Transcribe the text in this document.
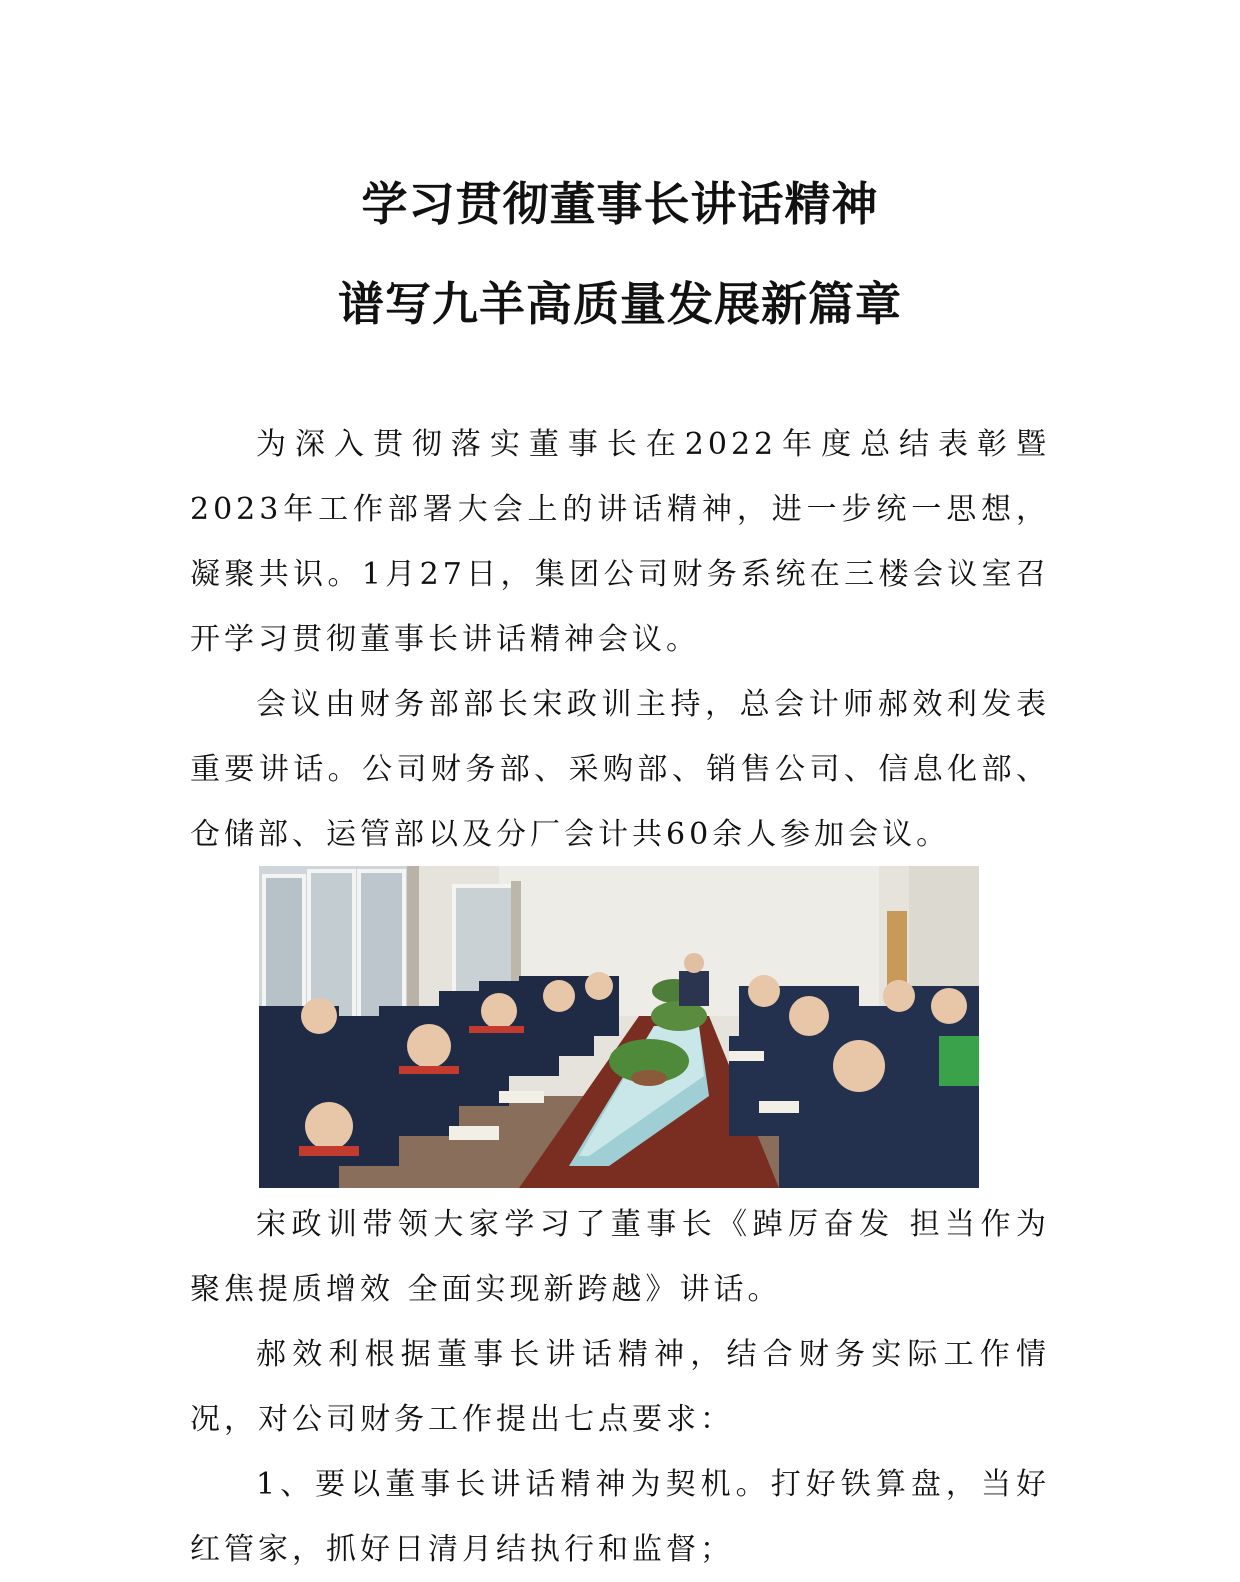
学习贯彻董事长讲话精神
谱写九羊高质量发展新篇章
为深入贯彻落实董事长在2022年度总结表彰暨2023年工作部署大会上的讲话精神，进一步统一思想，凝聚共识。1月27日，集团公司财务系统在三楼会议室召开学习贯彻董事长讲话精神会议。
会议由财务部部长宋政训主持，总会计师郝效利发表重要讲话。公司财务部、采购部、销售公司、信息化部、仓储部、运管部以及分厂会计共60余人参加会议。
宋政训带领大家学习了董事长《踔厉奋发 担当作为 聚焦提质增效 全面实现新跨越》讲话。
郝效利根据董事长讲话精神，结合财务实际工作情况，对公司财务工作提出七点要求：
1、要以董事长讲话精神为契机。打好铁算盘，当好红管家，抓好日清月结执行和监督；
